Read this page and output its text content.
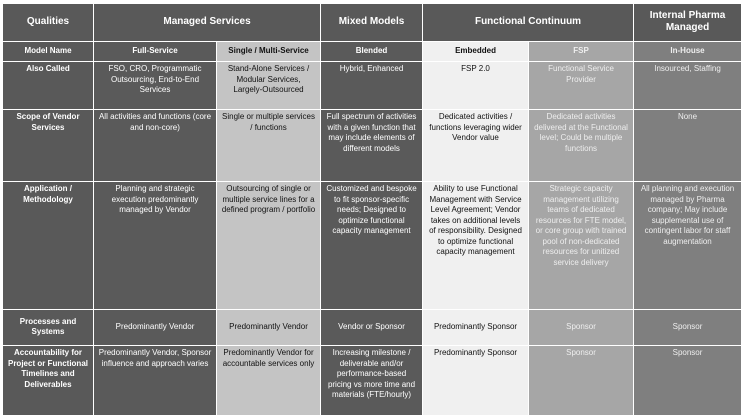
Qualities	Managed Services		Mixed Models	Functional Continuum		Internal Pharma Managed
Model Name	Full-Service	Single / Multi-Service	Blended	Embedded	FSP	In-House
Also Called	FSO, CRO, Programmatic Outsourcing, End-to-End Services	Stand-Alone Services / Modular Services, Largely-Outsourced	Hybrid, Enhanced	FSP 2.0	Functional Service Provider	Insourced, Staffing
Scope of Vendor Services	All activities and functions (core and non-core)	Single or multiple services / functions	Full spectrum of activities with a given function that may include elements of different models	Dedicated activities / functions leveraging wider Vendor value	Dedicated activities delivered at the Functional level; Could be multiple functions	None
Application / Methodology	Planning and strategic execution predominantly managed by Vendor	Outsourcing of single or multiple service lines for a defined program / portfolio	Customized and bespoke to fit sponsor-specific needs; Designed to optimize functional capacity management	Ability to use Functional Management with Service Level Agreement; Vendor takes on additional levels of responsibility. Designed to optimize functional capacity management	Strategic capacity management utilizing teams of dedicated resources for FTE model, or core group with trained pool of non-dedicated resources for unitized service delivery	All planning and execution managed by Pharma company; May include supplemental use of contingent labor for staff augmentation
Processes and Systems	Predominantly Vendor	Predominantly Vendor	Vendor or Sponsor	Predominantly Sponsor	Sponsor	Sponsor
Accountability for Project or Functional Timelines and Deliverables	Predominantly Vendor, Sponsor influence and approach varies	Predominantly Vendor for accountable services only	Increasing milestone / deliverable and/or performance-based pricing vs more time and materials (FTE/hourly)	Predominantly Sponsor	Sponsor	Sponsor
